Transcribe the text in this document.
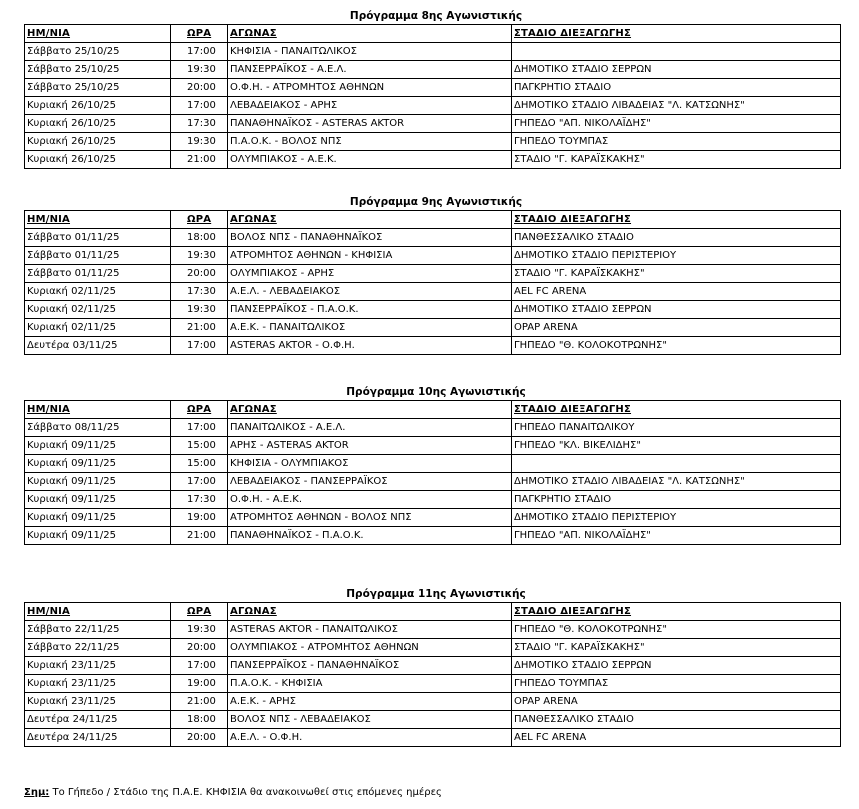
Πρόγραμμα 8ης Αγωνιστικής
ΗΜ/ΝΙΑ	ΩΡΑ	ΑΓΩΝΑΣ	ΣΤΑΔΙΟ ΔΙΕΞΑΓΩΓΗΣ
Σάββατο 25/10/25	17:00	ΚΗΦΙΣΙΑ - ΠΑΝΑΙΤΩΛΙΚΟΣ	
Σάββατο 25/10/25	19:30	ΠΑΝΣΕΡΡΑΪΚΟΣ - Α.Ε.Λ.	ΔΗΜΟΤΙΚΟ ΣΤΑΔΙΟ ΣΕΡΡΩΝ
Σάββατο 25/10/25	20:00	Ο.Φ.Η. - ΑΤΡΟΜΗΤΟΣ ΑΘΗΝΩΝ	ΠΑΓΚΡΗΤΙΟ ΣΤΑΔΙΟ
Κυριακή 26/10/25	17:00	ΛΕΒΑΔΕΙΑΚΟΣ - ΑΡΗΣ	ΔΗΜΟΤΙΚΟ ΣΤΑΔΙΟ ΛΙΒΑΔΕΙΑΣ "Λ. ΚΑΤΣΩΝΗΣ"
Κυριακή 26/10/25	17:30	ΠΑΝΑΘΗΝΑΪΚΟΣ - ASTERAS AKTOR	ΓΗΠΕΔΟ "ΑΠ. ΝΙΚΟΛΑΪΔΗΣ"
Κυριακή 26/10/25	19:30	Π.Α.Ο.Κ. - ΒΟΛΟΣ ΝΠΣ	ΓΗΠΕΔΟ ΤΟΥΜΠΑΣ
Κυριακή 26/10/25	21:00	ΟΛΥΜΠΙΑΚΟΣ - Α.Ε.Κ.	ΣΤΑΔΙΟ "Γ. ΚΑΡΑΪΣΚΑΚΗΣ"
Πρόγραμμα 9ης Αγωνιστικής
ΗΜ/ΝΙΑ	ΩΡΑ	ΑΓΩΝΑΣ	ΣΤΑΔΙΟ ΔΙΕΞΑΓΩΓΗΣ
Σάββατο 01/11/25	18:00	ΒΟΛΟΣ ΝΠΣ - ΠΑΝΑΘΗΝΑΪΚΟΣ	ΠΑΝΘΕΣΣΑΛΙΚΟ ΣΤΑΔΙΟ
Σάββατο 01/11/25	19:30	ΑΤΡΟΜΗΤΟΣ ΑΘΗΝΩΝ - ΚΗΦΙΣΙΑ	ΔΗΜΟΤΙΚΟ ΣΤΑΔΙΟ ΠΕΡΙΣΤΕΡΙΟΥ
Σάββατο 01/11/25	20:00	ΟΛΥΜΠΙΑΚΟΣ - ΑΡΗΣ	ΣΤΑΔΙΟ "Γ. ΚΑΡΑΪΣΚΑΚΗΣ"
Κυριακή 02/11/25	17:30	Α.Ε.Λ. - ΛΕΒΑΔΕΙΑΚΟΣ	AEL FC ARENA
Κυριακή 02/11/25	19:30	ΠΑΝΣΕΡΡΑΪΚΟΣ - Π.Α.Ο.Κ.	ΔΗΜΟΤΙΚΟ ΣΤΑΔΙΟ ΣΕΡΡΩΝ
Κυριακή 02/11/25	21:00	Α.Ε.Κ. - ΠΑΝΑΙΤΩΛΙΚΟΣ	OPAP ARENA
Δευτέρα 03/11/25	17:00	ASTERAS AKTOR - Ο.Φ.Η.	ΓΗΠΕΔΟ "Θ. ΚΟΛΟΚΟΤΡΩΝΗΣ"
Πρόγραμμα 10ης Αγωνιστικής
ΗΜ/ΝΙΑ	ΩΡΑ	ΑΓΩΝΑΣ	ΣΤΑΔΙΟ ΔΙΕΞΑΓΩΓΗΣ
Σάββατο 08/11/25	17:00	ΠΑΝΑΙΤΩΛΙΚΟΣ - Α.Ε.Λ.	ΓΗΠΕΔΟ ΠΑΝΑΙΤΩΛΙΚΟΥ
Κυριακή 09/11/25	15:00	ΑΡΗΣ - ASTERAS AKTOR	ΓΗΠΕΔΟ "ΚΛ. ΒΙΚΕΛΙΔΗΣ"
Κυριακή 09/11/25	15:00	ΚΗΦΙΣΙΑ - ΟΛΥΜΠΙΑΚΟΣ	
Κυριακή 09/11/25	17:00	ΛΕΒΑΔΕΙΑΚΟΣ - ΠΑΝΣΕΡΡΑΪΚΟΣ	ΔΗΜΟΤΙΚΟ ΣΤΑΔΙΟ ΛΙΒΑΔΕΙΑΣ "Λ. ΚΑΤΣΩΝΗΣ"
Κυριακή 09/11/25	17:30	Ο.Φ.Η. - Α.Ε.Κ.	ΠΑΓΚΡΗΤΙΟ ΣΤΑΔΙΟ
Κυριακή 09/11/25	19:00	ΑΤΡΟΜΗΤΟΣ ΑΘΗΝΩΝ - ΒΟΛΟΣ ΝΠΣ	ΔΗΜΟΤΙΚΟ ΣΤΑΔΙΟ ΠΕΡΙΣΤΕΡΙΟΥ
Κυριακή 09/11/25	21:00	ΠΑΝΑΘΗΝΑΪΚΟΣ - Π.Α.Ο.Κ.	ΓΗΠΕΔΟ "ΑΠ. ΝΙΚΟΛΑΪΔΗΣ"
Πρόγραμμα 11ης Αγωνιστικής
ΗΜ/ΝΙΑ	ΩΡΑ	ΑΓΩΝΑΣ	ΣΤΑΔΙΟ ΔΙΕΞΑΓΩΓΗΣ
Σάββατο 22/11/25	19:30	ASTERAS AKTOR - ΠΑΝΑΙΤΩΛΙΚΟΣ	ΓΗΠΕΔΟ "Θ. ΚΟΛΟΚΟΤΡΩΝΗΣ"
Σάββατο 22/11/25	20:00	ΟΛΥΜΠΙΑΚΟΣ - ΑΤΡΟΜΗΤΟΣ ΑΘΗΝΩΝ	ΣΤΑΔΙΟ "Γ. ΚΑΡΑΪΣΚΑΚΗΣ"
Κυριακή 23/11/25	17:00	ΠΑΝΣΕΡΡΑΪΚΟΣ - ΠΑΝΑΘΗΝΑΪΚΟΣ	ΔΗΜΟΤΙΚΟ ΣΤΑΔΙΟ ΣΕΡΡΩΝ
Κυριακή 23/11/25	19:00	Π.Α.Ο.Κ. - ΚΗΦΙΣΙΑ	ΓΗΠΕΔΟ ΤΟΥΜΠΑΣ
Κυριακή 23/11/25	21:00	Α.Ε.Κ. - ΑΡΗΣ	OPAP ARENA
Δευτέρα 24/11/25	18:00	ΒΟΛΟΣ ΝΠΣ - ΛΕΒΑΔΕΙΑΚΟΣ	ΠΑΝΘΕΣΣΑΛΙΚΟ ΣΤΑΔΙΟ
Δευτέρα 24/11/25	20:00	Α.Ε.Λ. - Ο.Φ.Η.	AEL FC ARENA
Σημ: Το Γήπεδο / Στάδιο της Π.Α.Ε. ΚΗΦΙΣΙΑ θα ανακοινωθεί στις επόμενες ημέρες
